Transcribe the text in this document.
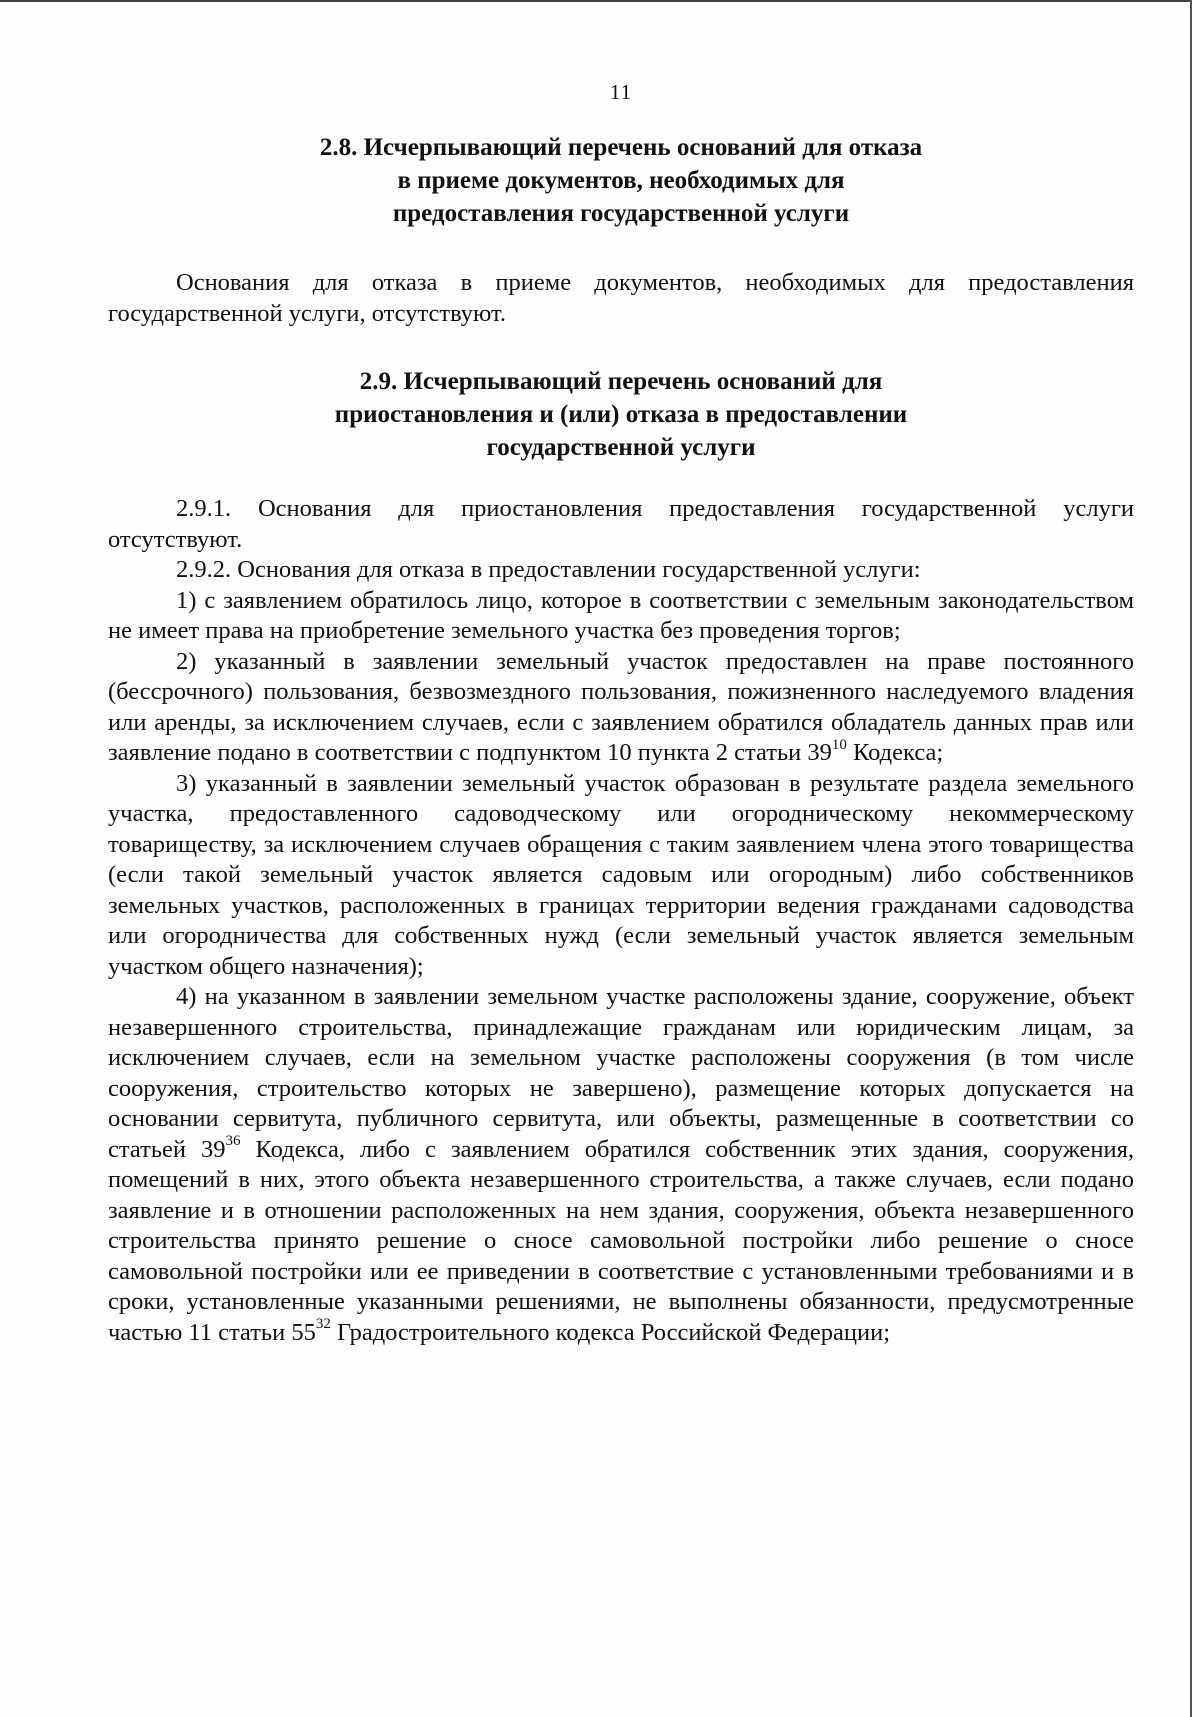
11
2.8. Исчерпывающий перечень оснований для отказа
в приеме документов, необходимых для
предоставления государственной услуги

Основания для отказа в приеме документов, необходимых для предоставления государственной услуги, отсутствуют.

2.9. Исчерпывающий перечень оснований для
приостановления и (или) отказа в предоставлении
государственной услуги

2.9.1. Основания для приостановления предоставления государственной услуги отсутствуют.

2.9.2. Основания для отказа в предоставлении государственной услуги:

1) с заявлением обратилось лицо, которое в соответствии с земельным законодательством не имеет права на приобретение земельного участка без проведения торгов;

2) указанный в заявлении земельный участок предоставлен на праве постоянного (бессрочного) пользования, безвозмездного пользования, пожизненного наследуемого владения или аренды, за исключением случаев, если с заявлением обратился обладатель данных прав или заявление подано в соответствии с подпунктом 10 пункта 2 статьи $39^{10}$ Кодекса;

3) указанный в заявлении земельный участок образован в результате раздела земельного участка, предоставленного садоводческому или огородническому некоммерческому товариществу, за исключением случаев обращения с таким заявлением члена этого товарищества (если такой земельный участок является садовым или огородным) либо собственников земельных участков, расположенных в границах территории ведения гражданами садоводства или огородничества для собственных нужд (если земельный участок является земельным участком общего назначения);

4) на указанном в заявлении земельном участке расположены здание, сооружение, объект незавершенного строительства, принадлежащие гражданам или юридическим лицам, за исключением случаев, если на земельном участке расположены сооружения (в том числе сооружения, строительство которых не завершено), размещение которых допускается на основании сервитута, публичного сервитута, или объекты, размещенные в соответствии со статьей $39^{36}$ Кодекса, либо с заявлением обратился собственник этих здания, сооружения, помещений в них, этого объекта незавершенного строительства, а также случаев, если подано заявление и в отношении расположенных на нем здания, сооружения, объекта незавершенного строительства принято решение о сносе самовольной постройки либо решение о сносе самовольной постройки или ее приведении в соответствие с установленными требованиями и в сроки, установленные указанными решениями, не выполнены обязанности, предусмотренные частью 11 статьи $55^{32}$ Градостроительного кодекса Российской Федерации;
